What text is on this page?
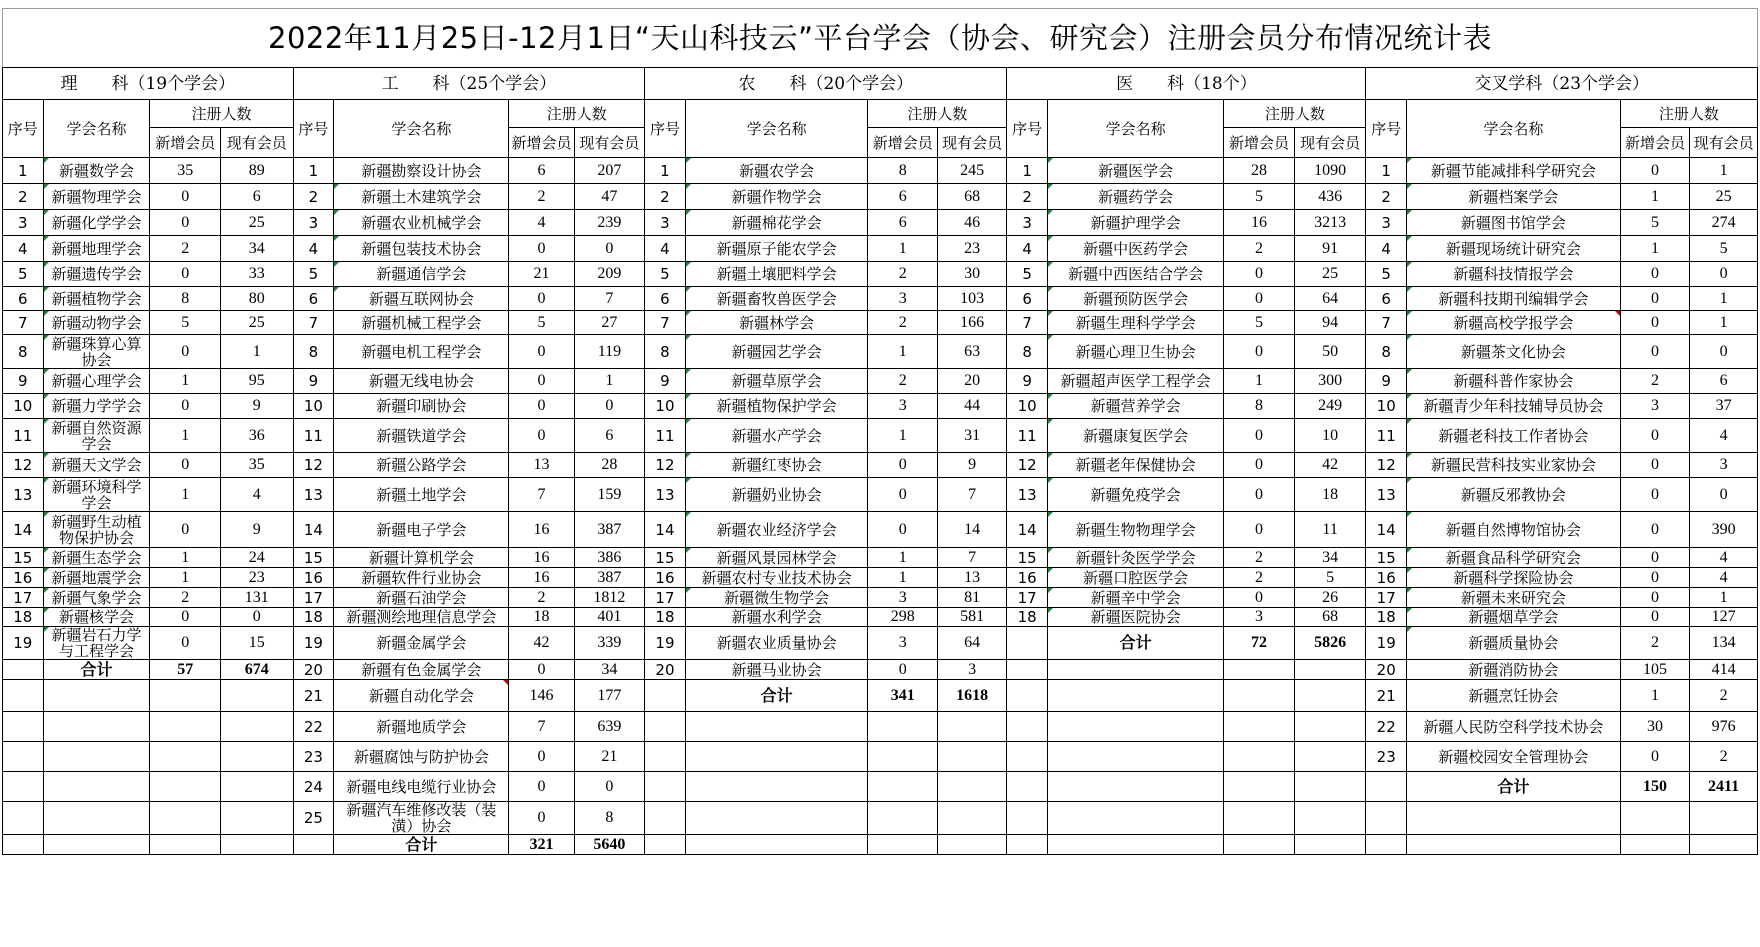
2022年11月25日-12月1日“天山科技云”平台学会（协会、研究会）注册会员分布情况统计表																			
理　　科（19个学会）				工　　科（25个学会）				农　　科（20个学会）				医　　科（18个）				交叉学科（23个学会）			
序号	学会名称	注册人数		序号	学会名称	注册人数		序号	学会名称	注册人数		序号	学会名称	注册人数		序号	学会名称	注册人数	
		新增会员	现有会员			新增会员	现有会员			新增会员	现有会员			新增会员	现有会员			新增会员	现有会员
1	新疆数学会	35	89	1	新疆勘察设计协会	6	207	1	新疆农学会	8	245	1	新疆医学会	28	1090	1	新疆节能减排科学研究会	0	1
2	新疆物理学会	0	6	2	新疆土木建筑学会	2	47	2	新疆作物学会	6	68	2	新疆药学会	5	436	2	新疆档案学会	1	25
3	新疆化学学会	0	25	3	新疆农业机械学会	4	239	3	新疆棉花学会	6	46	3	新疆护理学会	16	3213	3	新疆图书馆学会	5	274
4	新疆地理学会	2	34	4	新疆包装技术协会	0	0	4	新疆原子能农学会	1	23	4	新疆中医药学会	2	91	4	新疆现场统计研究会	1	5
5	新疆遗传学会	0	33	5	新疆通信学会	21	209	5	新疆土壤肥料学会	2	30	5	新疆中西医结合学会	0	25	5	新疆科技情报学会	0	0
6	新疆植物学会	8	80	6	新疆互联网协会	0	7	6	新疆畜牧兽医学会	3	103	6	新疆预防医学会	0	64	6	新疆科技期刊编辑学会	0	1
7	新疆动物学会	5	25	7	新疆机械工程学会	5	27	7	新疆林学会	2	166	7	新疆生理科学学会	5	94	7	新疆高校学报学会	0	1
8	新疆珠算心算协会	0	1	8	新疆电机工程学会	0	119	8	新疆园艺学会	1	63	8	新疆心理卫生协会	0	50	8	新疆茶文化协会	0	0
9	新疆心理学会	1	95	9	新疆无线电协会	0	1	9	新疆草原学会	2	20	9	新疆超声医学工程学会	1	300	9	新疆科普作家协会	2	6
10	新疆力学学会	0	9	10	新疆印刷协会	0	0	10	新疆植物保护学会	3	44	10	新疆营养学会	8	249	10	新疆青少年科技辅导员协会	3	37
11	新疆自然资源学会	1	36	11	新疆铁道学会	0	6	11	新疆水产学会	1	31	11	新疆康复医学会	0	10	11	新疆老科技工作者协会	0	4
12	新疆天文学会	0	35	12	新疆公路学会	13	28	12	新疆红枣协会	0	9	12	新疆老年保健协会	0	42	12	新疆民营科技实业家协会	0	3
13	新疆环境科学学会	1	4	13	新疆土地学会	7	159	13	新疆奶业协会	0	7	13	新疆免疫学会	0	18	13	新疆反邪教协会	0	0
14	新疆野生动植物保护协会	0	9	14	新疆电子学会	16	387	14	新疆农业经济学会	0	14	14	新疆生物物理学会	0	11	14	新疆自然博物馆协会	0	390
15	新疆生态学会	1	24	15	新疆计算机学会	16	386	15	新疆风景园林学会	1	7	15	新疆针灸医学学会	2	34	15	新疆食品科学研究会	0	4
16	新疆地震学会	1	23	16	新疆软件行业协会	16	387	16	新疆农村专业技术协会	1	13	16	新疆口腔医学会	2	5	16	新疆科学探险协会	0	4
17	新疆气象学会	2	131	17	新疆石油学会	2	1812	17	新疆微生物学会	3	81	17	新疆辛中学会	0	26	17	新疆未来研究会	0	1
18	新疆核学会	0	0	18	新疆测绘地理信息学会	18	401	18	新疆水利学会	298	581	18	新疆医院协会	3	68	18	新疆烟草学会	0	127
19	新疆岩石力学与工程学会	0	15	19	新疆金属学会	42	339	19	新疆农业质量协会	3	64		合计	72	5826	19	新疆质量协会	2	134
	合计	57	674	20	新疆有色金属学会	0	34	20	新疆马业协会	0	3					20	新疆消防协会	105	414
				21	新疆自动化学会	146	177		合计	341	1618					21	新疆烹饪协会	1	2
				22	新疆地质学会	7	639									22	新疆人民防空科学技术协会	30	976
				23	新疆腐蚀与防护协会	0	21									23	新疆校园安全管理协会	0	2
				24	新疆电线电缆行业协会	0	0										合计	150	2411
				25	新疆汽车维修改装（装潢）协会	0	8												
					合计	321	5640												
